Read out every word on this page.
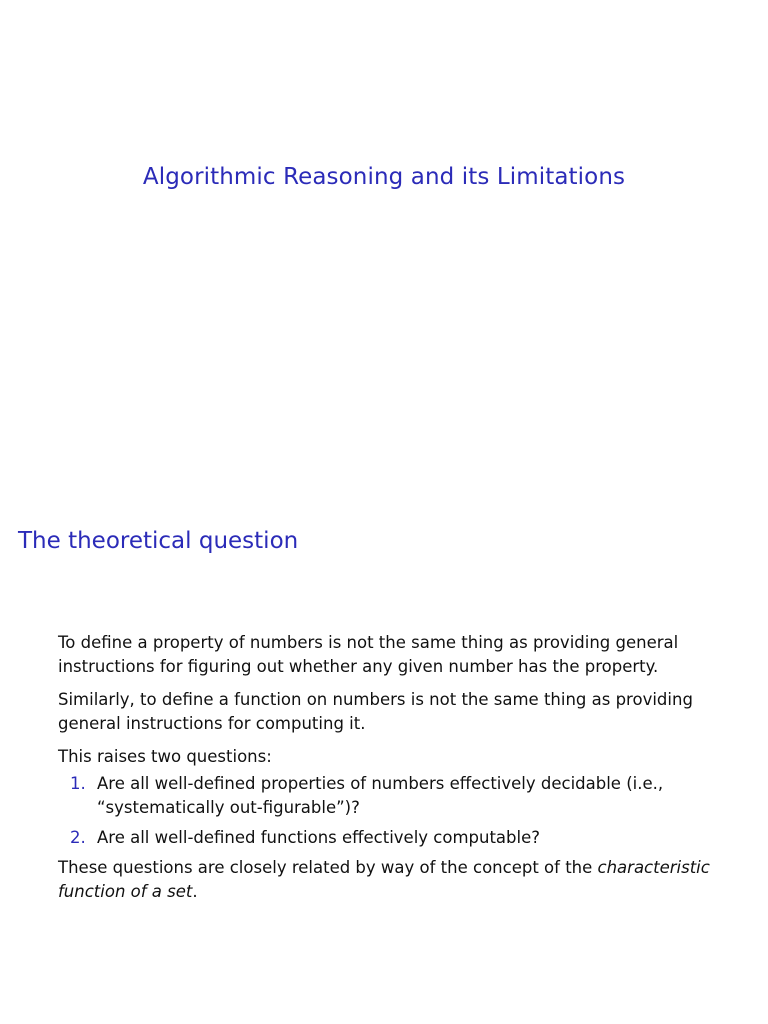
Algorithmic Reasoning and its Limitations
The theoretical question

To define a property of numbers is not the same thing as providing general instructions for figuring out whether any given number has the property.

Similarly, to define a function on numbers is not the same thing as providing general instructions for computing it.

This raises two questions:

1. Are all well-defined properties of numbers effectively decidable (i.e., “systematically out-figurable”)?
2. Are all well-defined functions effectively computable?

These questions are closely related by way of the concept of the characteristic function of a set.
